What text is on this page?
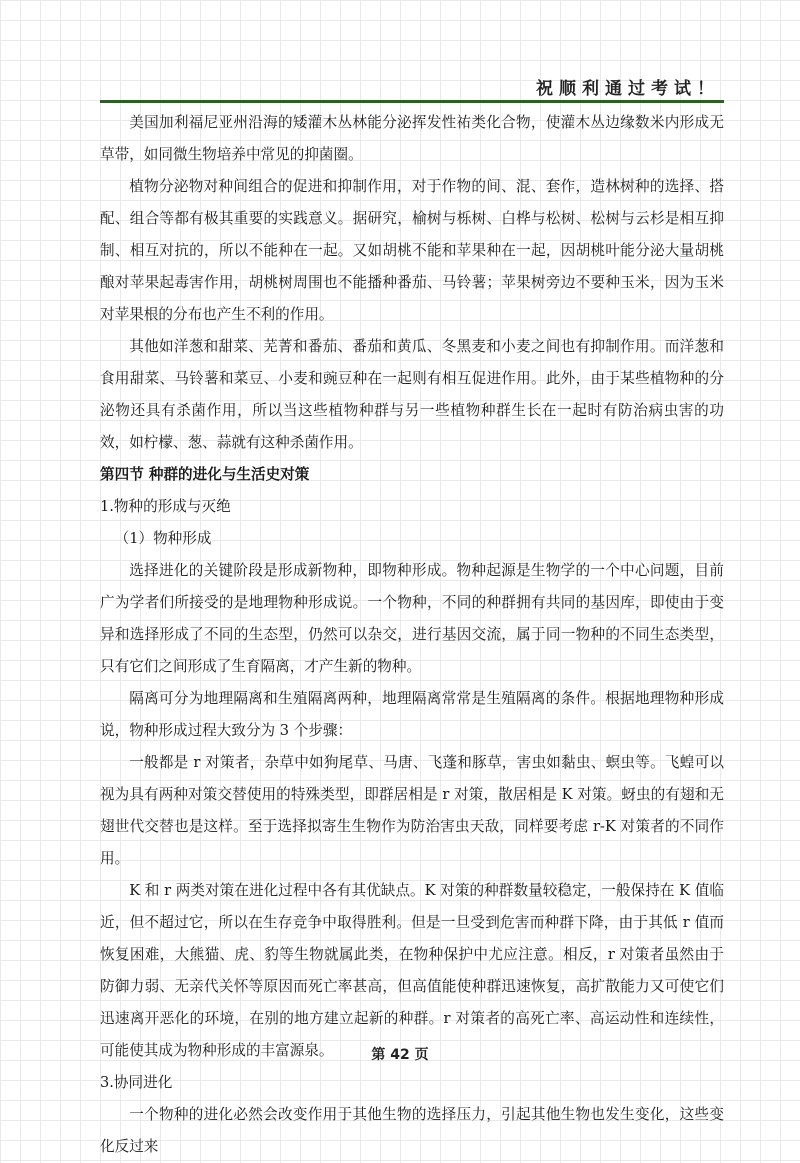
祝顺利通过考试！

美国加利福尼亚州沿海的矮灌木丛林能分泌挥发性祐类化合物，使灌木丛边缘数米内形成无草带，如同微生物培养中常见的抑菌圈。

植物分泌物对种间组合的促进和抑制作用，对于作物的间、混、套作，造林树种的选择、搭配、组合等都有极其重要的实践意义。据研究，榆树与栎树、白桦与松树、松树与云杉是相互抑制、相互对抗的，所以不能种在一起。又如胡桃不能和苹果种在一起，因胡桃叶能分泌大量胡桃酿对苹果起毒害作用，胡桃树周围也不能播种番茄、马铃薯；苹果树旁边不要种玉米，因为玉米对苹果根的分布也产生不利的作用。

其他如洋葱和甜菜、芜菁和番茄、番茄和黄瓜、冬黑麦和小麦之间也有抑制作用。而洋葱和食用甜菜、马铃薯和菜豆、小麦和豌豆种在一起则有相互促进作用。此外，由于某些植物种的分泌物还具有杀菌作用，所以当这些植物种群与另一些植物种群生长在一起时有防治病虫害的功效，如柠檬、葱、蒜就有这种杀菌作用。

第四节 种群的进化与生活史对策

1.物种的形成与灭绝

（1）物种形成

选择进化的关键阶段是形成新物种，即物种形成。物种起源是生物学的一个中心问题，目前广为学者们所接受的是地理物种形成说。一个物种，不同的种群拥有共同的基因库，即使由于变异和选择形成了不同的生态型，仍然可以杂交，进行基因交流，属于同一物种的不同生态类型，只有它们之间形成了生育隔离，才产生新的物种。

隔离可分为地理隔离和生殖隔离两种，地理隔离常常是生殖隔离的条件。根据地理物种形成说，物种形成过程大致分为 3 个步骤：

一般都是 r 对策者，杂草中如狗尾草、马唐、飞蓬和豚草，害虫如黏虫、螟虫等。飞蝗可以视为具有两种对策交替使用的特殊类型，即群居相是 r 对策，散居相是 K 对策。蚜虫的有翅和无翅世代交替也是这样。至于选择拟寄生生物作为防治害虫天敌，同样要考虑 r-K 对策者的不同作用。

K 和 r 两类对策在进化过程中各有其优缺点。K 对策的种群数量较稳定，一般保持在 K 值临近，但不超过它，所以在生存竞争中取得胜利。但是一旦受到危害而种群下降，由于其低 r 值而恢复困难，大熊猫、虎、豹等生物就属此类，在物种保护中尤应注意。相反，r 对策者虽然由于防御力弱、无亲代关怀等原因而死亡率甚高，但高值能使种群迅速恢复，高扩散能力又可使它们迅速离开恶化的环境，在别的地方建立起新的种群。r 对策者的高死亡率、高运动性和连续性，可能使其成为物种形成的丰富源泉。

3.协同进化

一个物种的进化必然会改变作用于其他生物的选择压力，引起其他生物也发生变化，这些变化反过来

第 42 页
